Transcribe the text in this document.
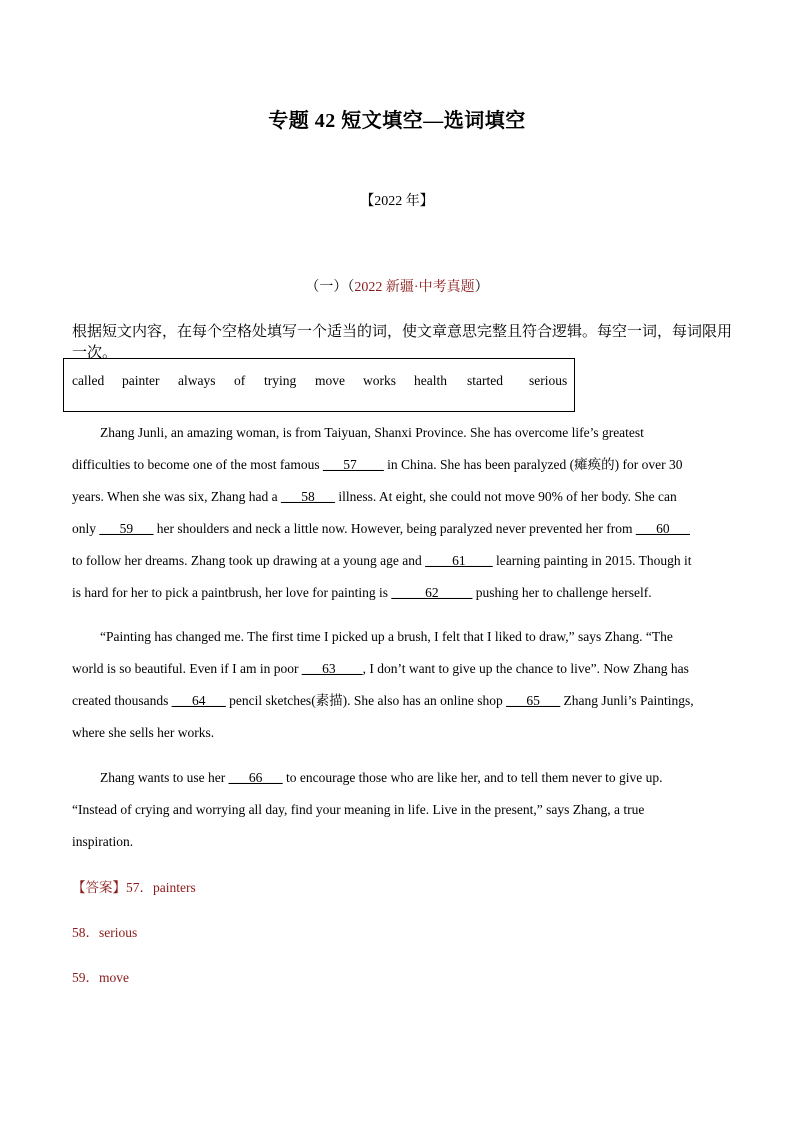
专题 42 短文填空—选词填空
【2022 年】
（一）（2022 新疆·中考真题）
根据短文内容，在每个空格处填写一个适当的词，使文章意思完整且符合逻辑。每空一词，每词限用一次。
called painter always of trying move works health started serious
Zhang Junli, an amazing woman, is from Taiyuan, Shanxi Province. She has overcome life’s greatest
difficulties to become one of the most famous ___57____ in China. She has been paralyzed (瘫痪的) for over 30
years. When she was six, Zhang had a ___58___ illness. At eight, she could not move 90% of her body. She can
only ___59___ her shoulders and neck a little now. However, being paralyzed never prevented her from ___60___
to follow her dreams. Zhang took up drawing at a young age and ____61____ learning painting in 2015. Though it
is hard for her to pick a paintbrush, her love for painting is _____62_____ pushing her to challenge herself.
“Painting has changed me. The first time I picked up a brush, I felt that I liked to draw,” says Zhang. “The
world is so beautiful. Even if I am in poor ___63____, I don’t want to give up the chance to live”. Now Zhang has
created thousands ___64___ pencil sketches(素描). She also has an online shop ___65___ Zhang Junli’s Paintings,
where she sells her works.
Zhang wants to use her ___66___ to encourage those who are like her, and to tell them never to give up.
“Instead of crying and worrying all day, find your meaning in life. Live in the present,” says Zhang, a true
inspiration.
【答案】57．painters
58．serious
59．move
